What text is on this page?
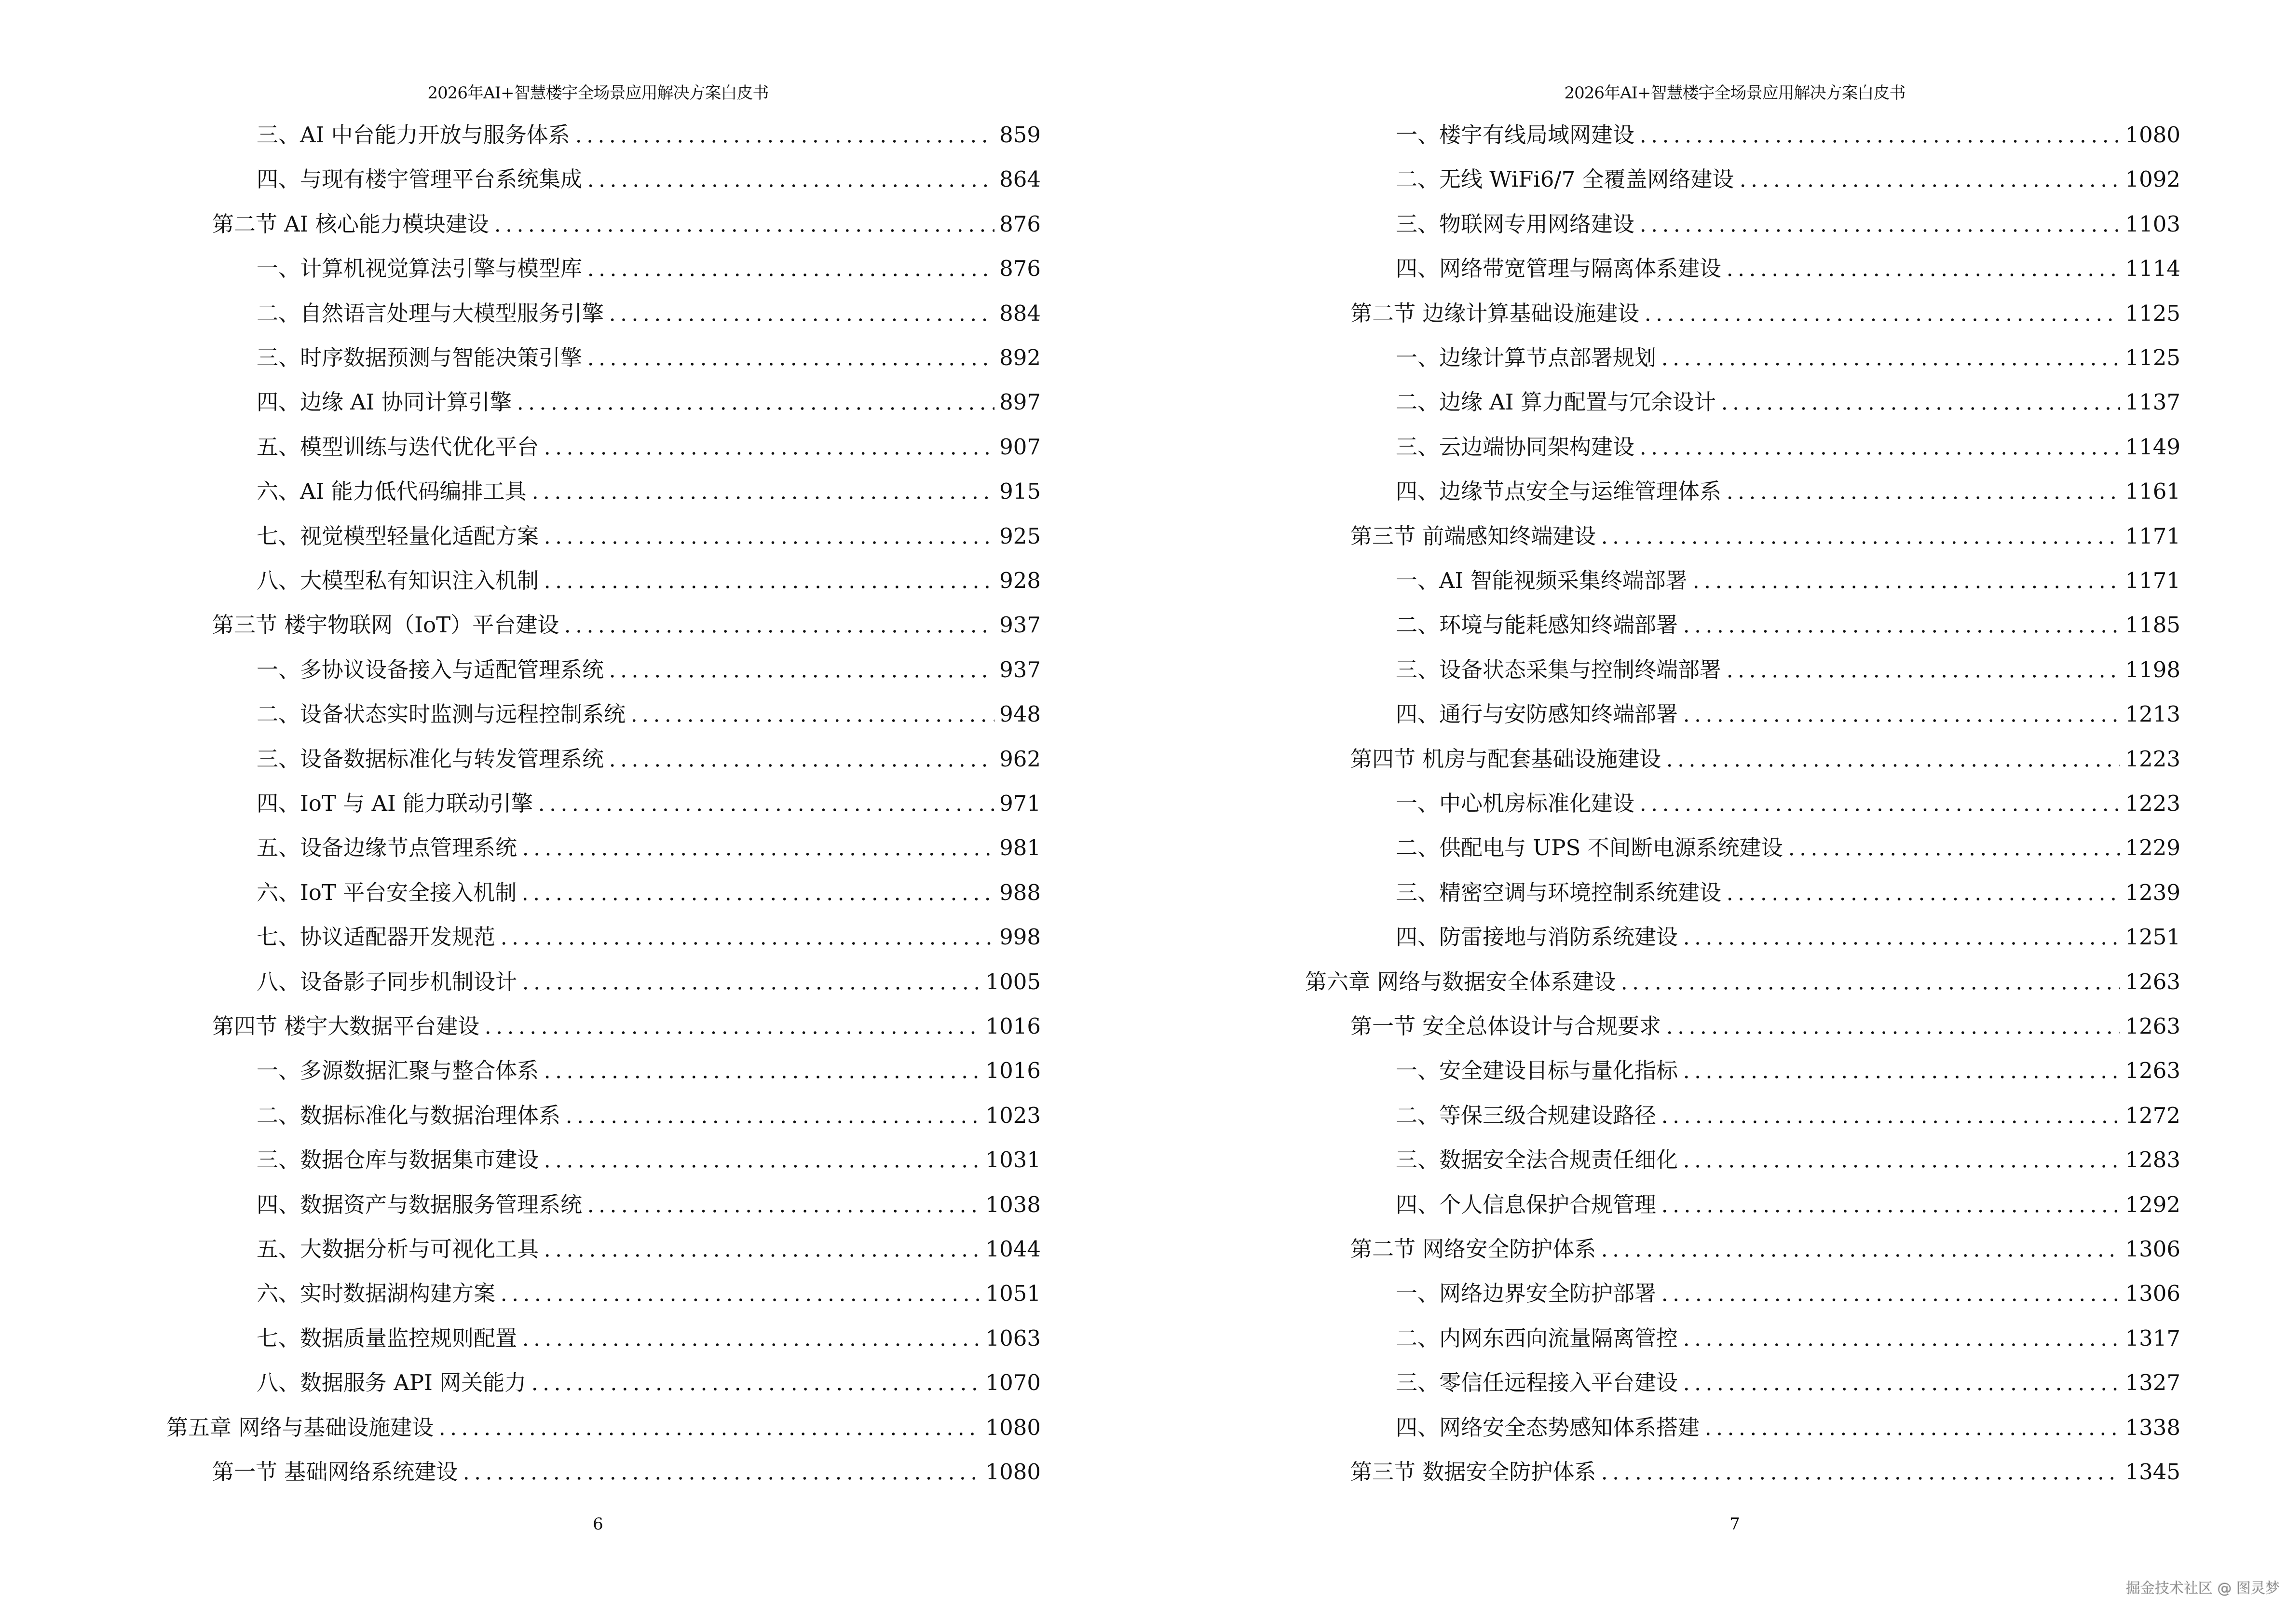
2026年AI+智慧楼宇全场景应用解决方案白皮书
三、AI 中台能力开放与服务体系	859
四、与现有楼宇管理平台系统集成	864
第二节 AI 核心能力模块建设	876
一、计算机视觉算法引擎与模型库	876
二、自然语言处理与大模型服务引擎	884
三、时序数据预测与智能决策引擎	892
四、边缘 AI 协同计算引擎	897
五、模型训练与迭代优化平台	907
六、AI 能力低代码编排工具	915
七、视觉模型轻量化适配方案	925
八、大模型私有知识注入机制	928
第三节 楼宇物联网（IoT）平台建设	937
一、多协议设备接入与适配管理系统	937
二、设备状态实时监测与远程控制系统	948
三、设备数据标准化与转发管理系统	962
四、IoT 与 AI 能力联动引擎	971
五、设备边缘节点管理系统	981
六、IoT 平台安全接入机制	988
七、协议适配器开发规范	998
八、设备影子同步机制设计	1005
第四节 楼宇大数据平台建设	1016
一、多源数据汇聚与整合体系	1016
二、数据标准化与数据治理体系	1023
三、数据仓库与数据集市建设	1031
四、数据资产与数据服务管理系统	1038
五、大数据分析与可视化工具	1044
六、实时数据湖构建方案	1051
七、数据质量监控规则配置	1063
八、数据服务 API 网关能力	1070
第五章 网络与基础设施建设	1080
第一节 基础网络系统建设	1080
6
2026年AI+智慧楼宇全场景应用解决方案白皮书
一、楼宇有线局域网建设	1080
二、无线 WiFi6/7 全覆盖网络建设	1092
三、物联网专用网络建设	1103
四、网络带宽管理与隔离体系建设	1114
第二节 边缘计算基础设施建设	1125
一、边缘计算节点部署规划	1125
二、边缘 AI 算力配置与冗余设计	1137
三、云边端协同架构建设	1149
四、边缘节点安全与运维管理体系	1161
第三节 前端感知终端建设	1171
一、AI 智能视频采集终端部署	1171
二、环境与能耗感知终端部署	1185
三、设备状态采集与控制终端部署	1198
四、通行与安防感知终端部署	1213
第四节 机房与配套基础设施建设	1223
一、中心机房标准化建设	1223
二、供配电与 UPS 不间断电源系统建设	1229
三、精密空调与环境控制系统建设	1239
四、防雷接地与消防系统建设	1251
第六章 网络与数据安全体系建设	1263
第一节 安全总体设计与合规要求	1263
一、安全建设目标与量化指标	1263
二、等保三级合规建设路径	1272
三、数据安全法合规责任细化	1283
四、个人信息保护合规管理	1292
第二节 网络安全防护体系	1306
一、网络边界安全防护部署	1306
二、内网东西向流量隔离管控	1317
三、零信任远程接入平台建设	1327
四、网络安全态势感知体系搭建	1338
第三节 数据安全防护体系	1345
7
掘金技术社区 @ 图灵梦
